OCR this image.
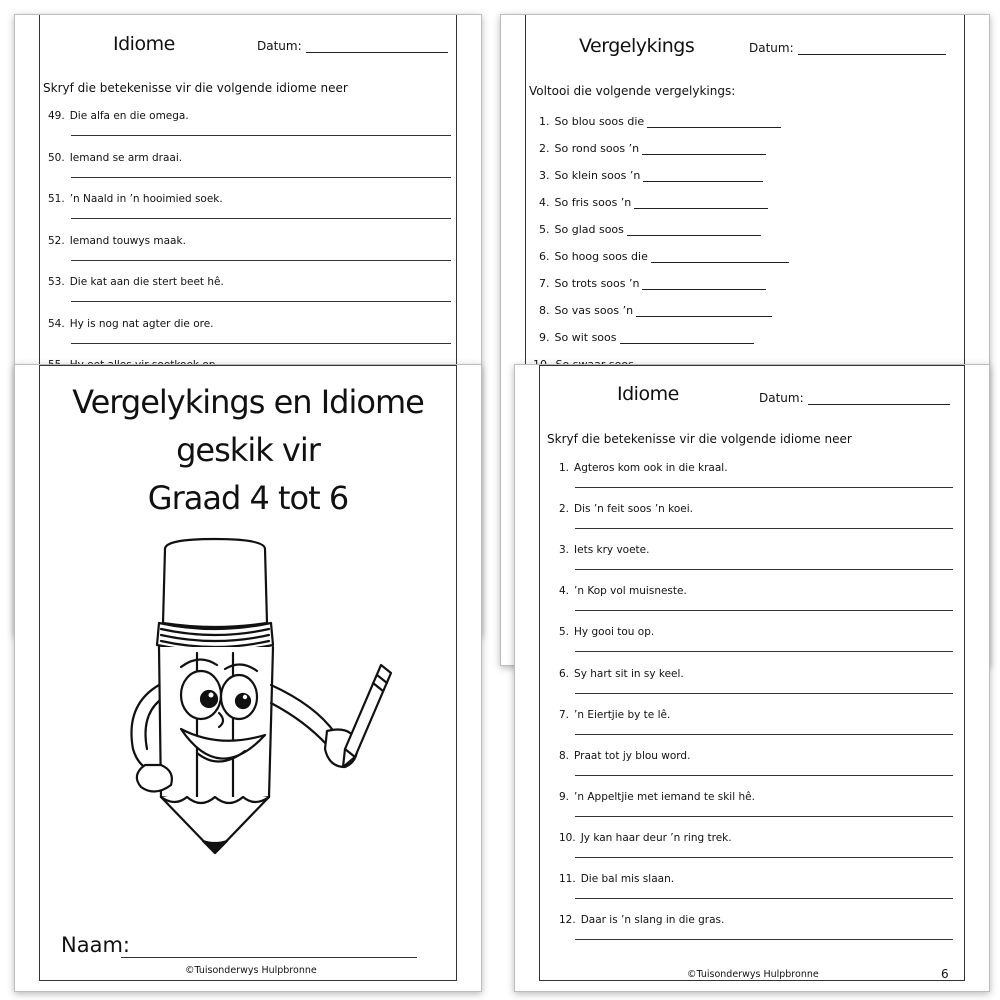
Idiome	Datum:
Skryf die betekenisse vir die volgende idiome neer
49. Die alfa en die omega.
50. Iemand se arm draai.
51. ’n Naald in ’n hooimied soek.
52. Iemand touwys maak.
53. Die kat aan die stert beet hê.
54. Hy is nog nat agter die ore.
Vergelykings	Datum:
Voltooi die volgende vergelykings:
1. So blou soos die
2. So rond soos ’n
3. So klein soos ’n
4. So fris soos ’n
5. So glad soos
6. So hoog soos die
7. So trots soos ’n
8. So vas soos ’n
9. So wit soos
Vergelykings en Idiome
geskik vir
Graad 4 tot 6
Naam:
©Tuisonderwys Hulpbronne
Idiome	Datum:
Skryf die betekenisse vir die volgende idiome neer
1. Agteros kom ook in die kraal.
2. Dis ’n feit soos ’n koei.
3. Iets kry voete.
4. ’n Kop vol muisneste.
5. Hy gooi tou op.
6. Sy hart sit in sy keel.
7. ’n Eiertjie by te lê.
8. Praat tot jy blou word.
9. ’n Appeltjie met iemand te skil hê.
10. Jy kan haar deur ’n ring trek.
11. Die bal mis slaan.
12. Daar is ’n slang in die gras.
©Tuisonderwys Hulpbronne	6
